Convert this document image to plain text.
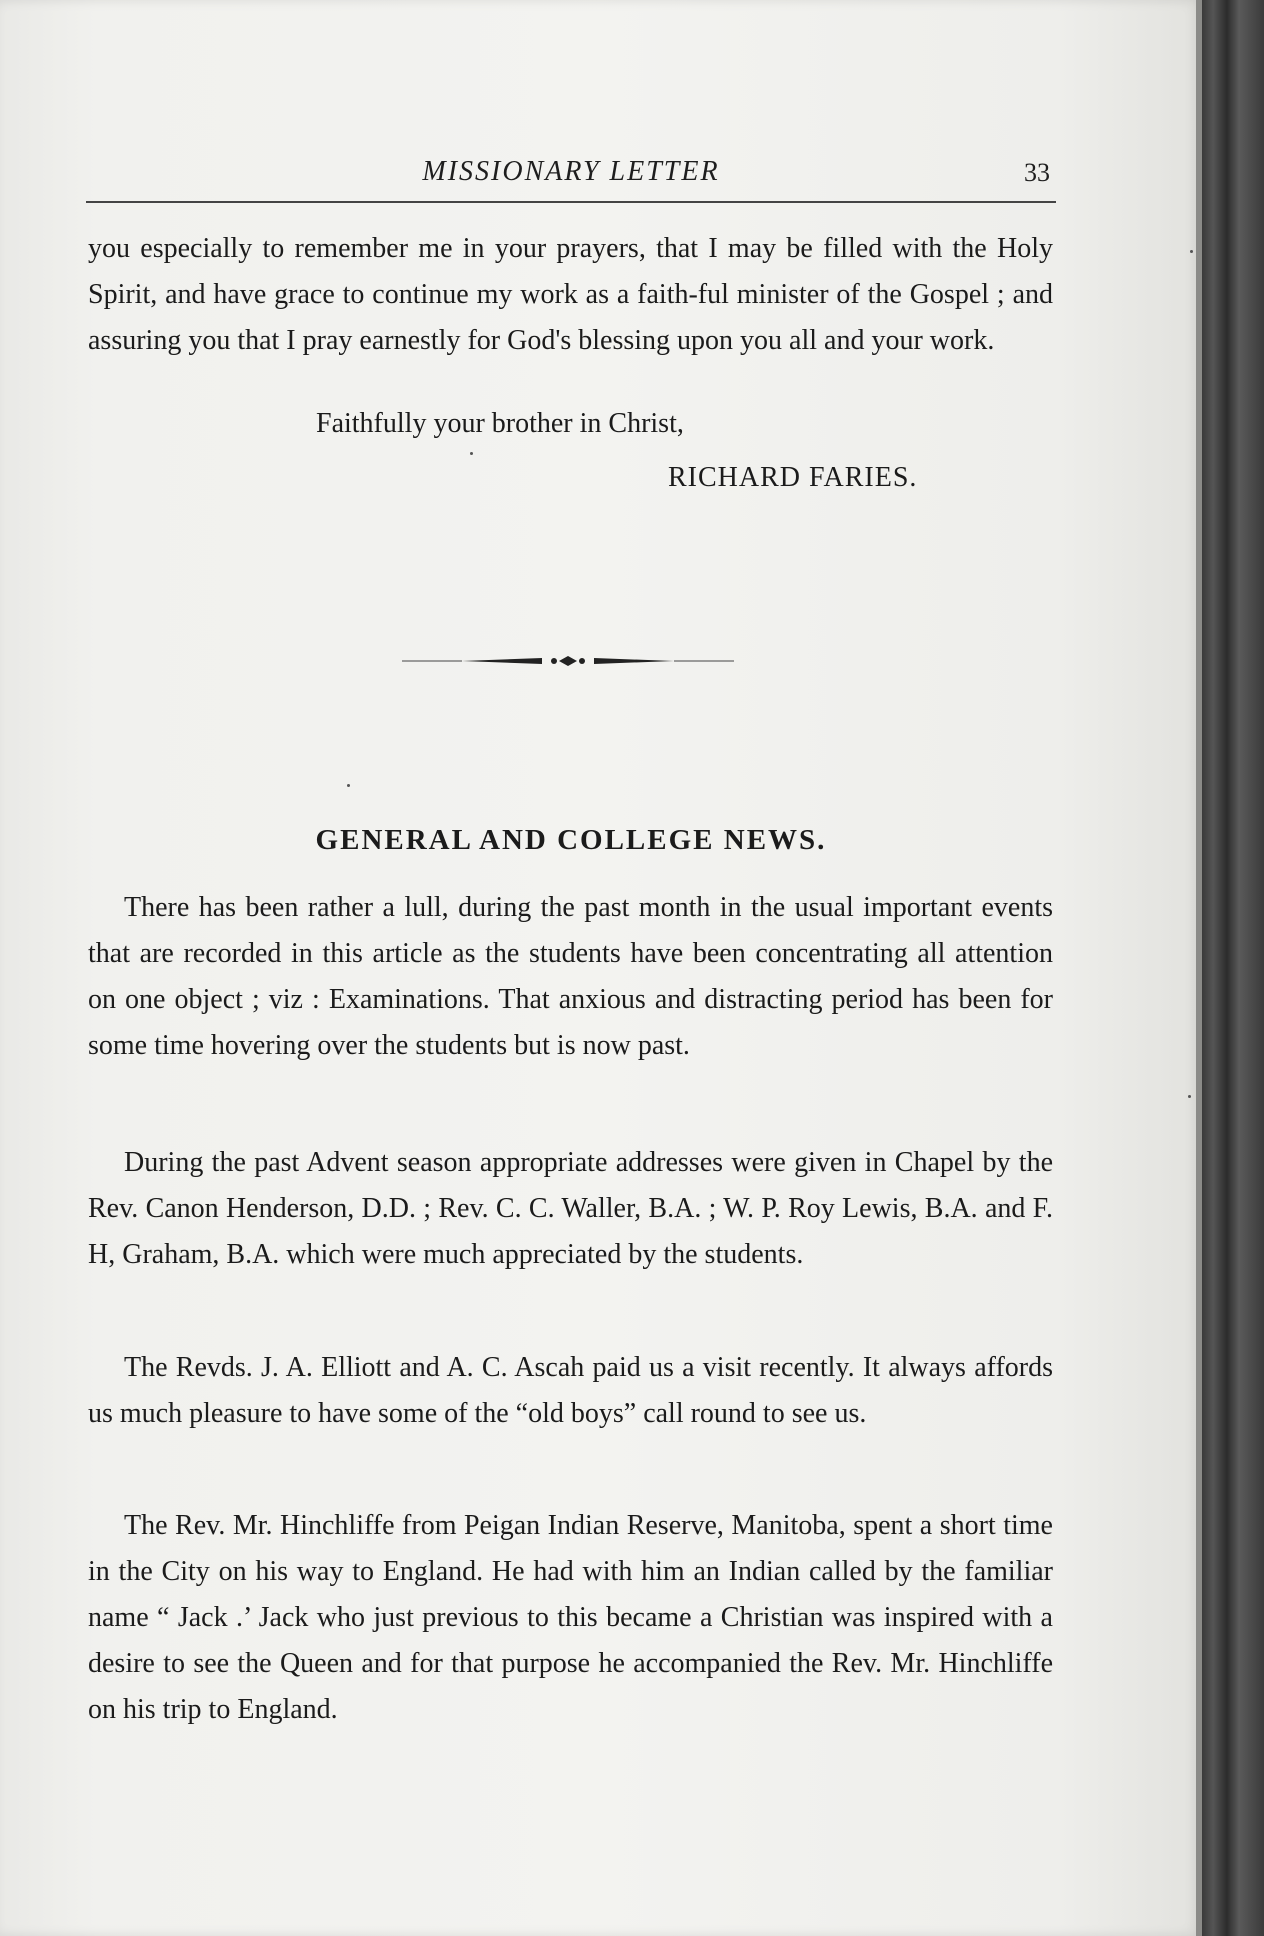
MISSIONARY LETTER	33

you especially to remember me in your prayers, that I may be filled with the Holy Spirit, and have grace to continue my work as a faith-ful minister of the Gospel ; and assuring you that I pray earnestly for God's blessing upon you all and your work.

Faithfully your brother in Christ,

RICHARD FARIES.

GENERAL AND COLLEGE NEWS.

There has been rather a lull, during the past month in the usual important events that are recorded in this article as the students have been concentrating all attention on one object ; viz : Examinations. That anxious and distracting period has been for some time hovering over the students but is now past.

During the past Advent season appropriate addresses were given in Chapel by the Rev. Canon Henderson, D.D. ; Rev. C. C. Waller, B.A. ; W. P. Roy Lewis, B.A. and F. H, Graham, B.A. which were much appreciated by the students.

The Revds. J. A. Elliott and A. C. Ascah paid us a visit recently. It always affords us much pleasure to have some of the “old boys” call round to see us.

The Rev. Mr. Hinchliffe from Peigan Indian Reserve, Manitoba, spent a short time in the City on his way to England. He had with him an Indian called by the familiar name “ Jack .’ Jack who just previous to this became a Christian was inspired with a desire to see the Queen and for that purpose he accompanied the Rev. Mr. Hinchliffe on his trip to England.
